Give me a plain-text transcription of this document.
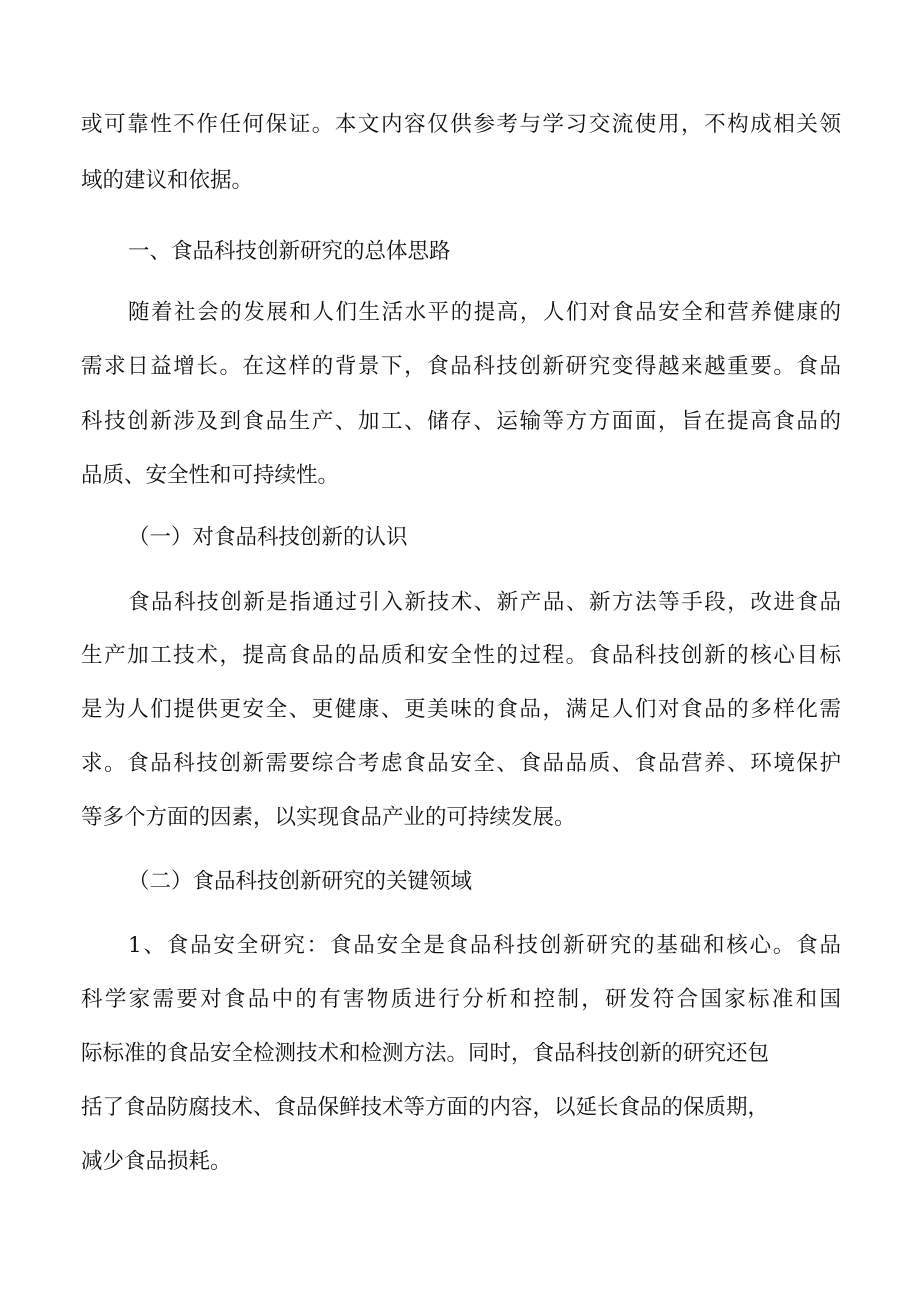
或可靠性不作任何保证。本文内容仅供参考与学习交流使用，不构成相关领
域的建议和依据。
一、食品科技创新研究的总体思路
随着社会的发展和人们生活水平的提高，人们对食品安全和营养健康的
需求日益增长。在这样的背景下，食品科技创新研究变得越来越重要。食品
科技创新涉及到食品生产、加工、储存、运输等方方面面，旨在提高食品的
品质、安全性和可持续性。
（一）对食品科技创新的认识
食品科技创新是指通过引入新技术、新产品、新方法等手段，改进食品
生产加工技术，提高食品的品质和安全性的过程。食品科技创新的核心目标
是为人们提供更安全、更健康、更美味的食品，满足人们对食品的多样化需
求。食品科技创新需要综合考虑食品安全、食品品质、食品营养、环境保护
等多个方面的因素，以实现食品产业的可持续发展。
（二）食品科技创新研究的关键领域
1、食品安全研究：食品安全是食品科技创新研究的基础和核心。食品
科学家需要对食品中的有害物质进行分析和控制，研发符合国家标准和国
际标准的食品安全检测技术和检测方法。同时，食品科技创新的研究还包
括了食品防腐技术、食品保鲜技术等方面的内容，以延长食品的保质期，
减少食品损耗。
